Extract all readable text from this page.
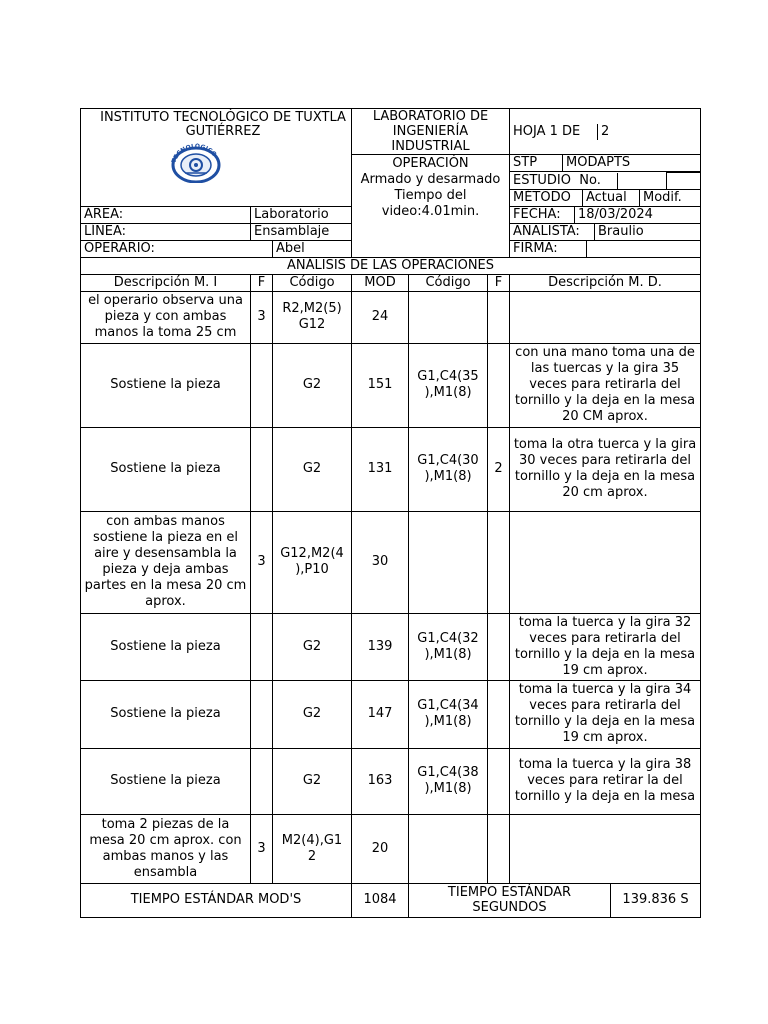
INSTITUTO TECNOLÓGICO DE TUXTLA GUTIÉRREZ
TECNOLÓGICO
	LABORATORIO DE INGENIERÍA INDUSTRIAL	
HOJA 1 DE	2

OPERACIÓN
Armado y desarmado
Tiempo del video:4.01min.

STP	MODAPTS

ESTUDIO No.		

MÉTODO	Actual	Modif.

ÁREA:	Laboratorio		FECHA:	18/03/2024

LÍNEA:	Ensamblaje		ANALISTA:	Braulio

OPERARIO:	Abel		FIRMA:	

ANÁLISIS DE LAS OPERACIONES
Descripción M. I	F	Código	MOD	Código	F	Descripción M. D.
el operario observa una pieza y con ambas manos la toma 25 cm	3	R2,M2(5) G12	24			
Sostiene la pieza		G2	151	G1,C4(35 ),M1(8)		con una mano toma una de las tuercas y la gira 35 veces para retirarla del tornillo y la deja en la mesa 20 CM aprox.
Sostiene la pieza		G2	131	G1,C4(30 ),M1(8)	2	toma la otra tuerca y la gira 30 veces para retirarla del tornillo y la deja en la mesa 20 cm aprox.
con ambas manos sostiene la pieza en el aire y desensambla la pieza y deja ambas partes en la mesa 20 cm aprox.	3	G12,M2(4 ),P10	30			
Sostiene la pieza		G2	139	G1,C4(32 ),M1(8)		toma la tuerca y la gira 32 veces para retirarla del tornillo y la deja en la mesa 19 cm aprox.
Sostiene la pieza		G2	147	G1,C4(34 ),M1(8)		toma la tuerca y la gira 34 veces para retirarla del tornillo y la deja en la mesa 19 cm aprox.
Sostiene la pieza		G2	163	G1,C4(38 ),M1(8)		toma la tuerca y la gira 38 veces para retirar la del tornillo y la deja en la mesa
toma 2 piezas de la mesa 20 cm aprox. con ambas manos y las ensambla	3	M2(4),G1 2	20			
TIEMPO ESTÁNDAR MOD'S	1084	TIEMPO ESTÁNDAR SEGUNDOS	139.836 S
